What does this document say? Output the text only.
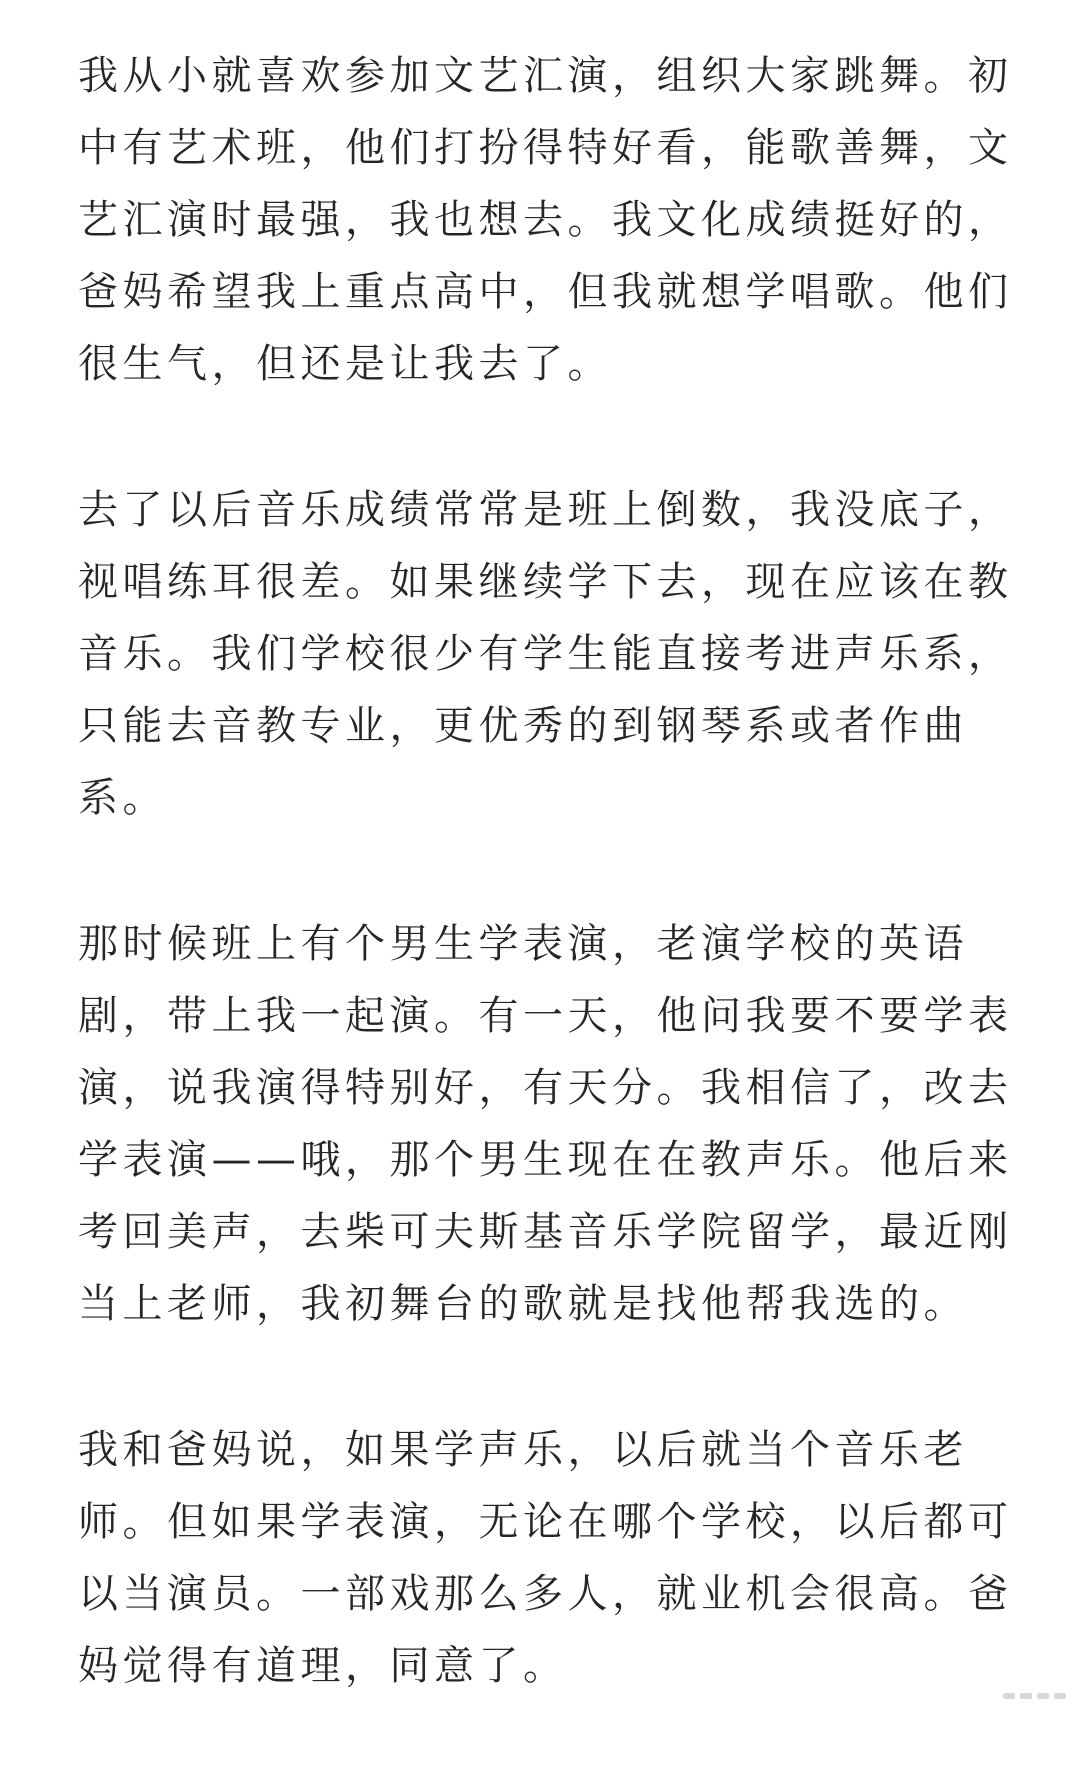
我从小就喜欢参加文艺汇演，组织大家跳舞。初
中有艺术班，他们打扮得特好看，能歌善舞，文
艺汇演时最强，我也想去。我文化成绩挺好的，
爸妈希望我上重点高中，但我就想学唱歌。他们
很生气，但还是让我去了。
去了以后音乐成绩常常是班上倒数，我没底子，
视唱练耳很差。如果继续学下去，现在应该在教
音乐。我们学校很少有学生能直接考进声乐系，
只能去音教专业，更优秀的到钢琴系或者作曲
系。
那时候班上有个男生学表演，老演学校的英语
剧，带上我一起演。有一天，他问我要不要学表
演，说我演得特别好，有天分。我相信了，改去
学表演——哦，那个男生现在在教声乐。他后来
考回美声，去柴可夫斯基音乐学院留学，最近刚
当上老师，我初舞台的歌就是找他帮我选的。
我和爸妈说，如果学声乐，以后就当个音乐老
师。但如果学表演，无论在哪个学校，以后都可
以当演员。一部戏那么多人，就业机会很高。爸
妈觉得有道理，同意了。
